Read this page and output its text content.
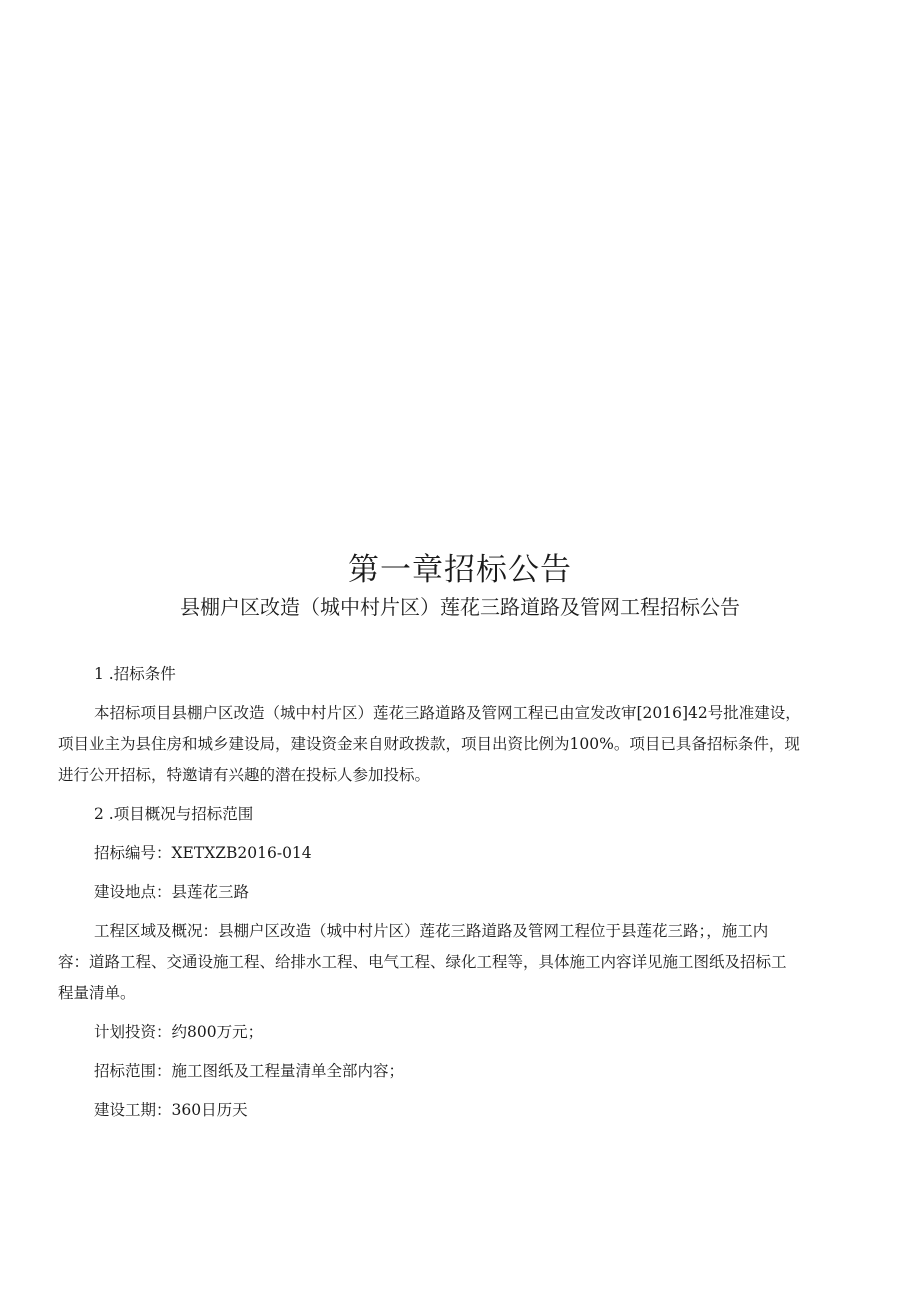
第一章招标公告
县棚户区改造（城中村片区）莲花三路道路及管网工程招标公告
1 .招标条件
本招标项目县棚户区改造（城中村片区）莲花三路道路及管网工程已由宣发改审[2016]42号批准建设，
项目业主为县住房和城乡建设局，建设资金来自财政拨款，项目出资比例为100%。项目已具备招标条件，现
进行公开招标，特邀请有兴趣的潜在投标人参加投标。
2 .项目概况与招标范围
招标编号：XETXZB2016-014
建设地点：县莲花三路
工程区域及概况：县棚户区改造（城中村片区）莲花三路道路及管网工程位于县莲花三路；，施工内
容：道路工程、交通设施工程、给排水工程、电气工程、绿化工程等，具体施工内容详见施工图纸及招标工
程量清单。
计划投资：约800万元；
招标范围：施工图纸及工程量清单全部内容；
建设工期：360日历天
